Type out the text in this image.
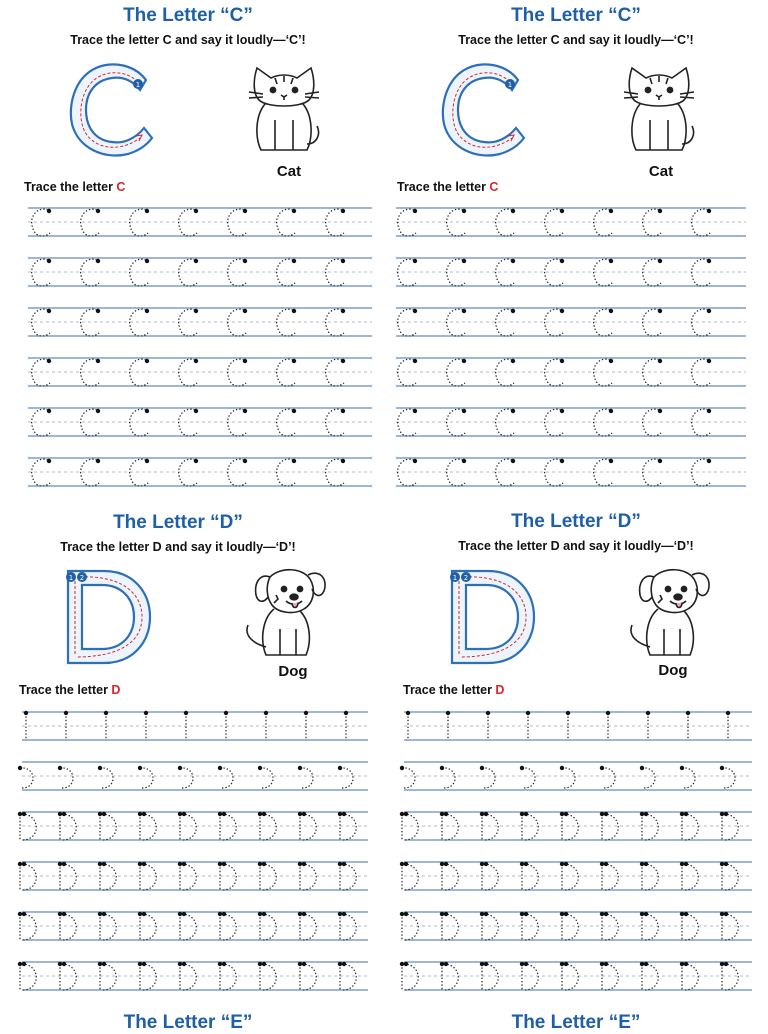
The Letter “C”
Trace the letter C and say it loudly—‘C’!
1
Cat
Trace the letter C
The Letter “C”
Trace the letter C and say it loudly—‘C’!
1
Cat
Trace the letter C
The Letter “D”
Trace the letter D and say it loudly—‘D’!
1 2
Dog
Trace the letter D
The Letter “D”
Trace the letter D and say it loudly—‘D’!
1 2
Dog
Trace the letter D
The Letter “E”	The Letter “E”
